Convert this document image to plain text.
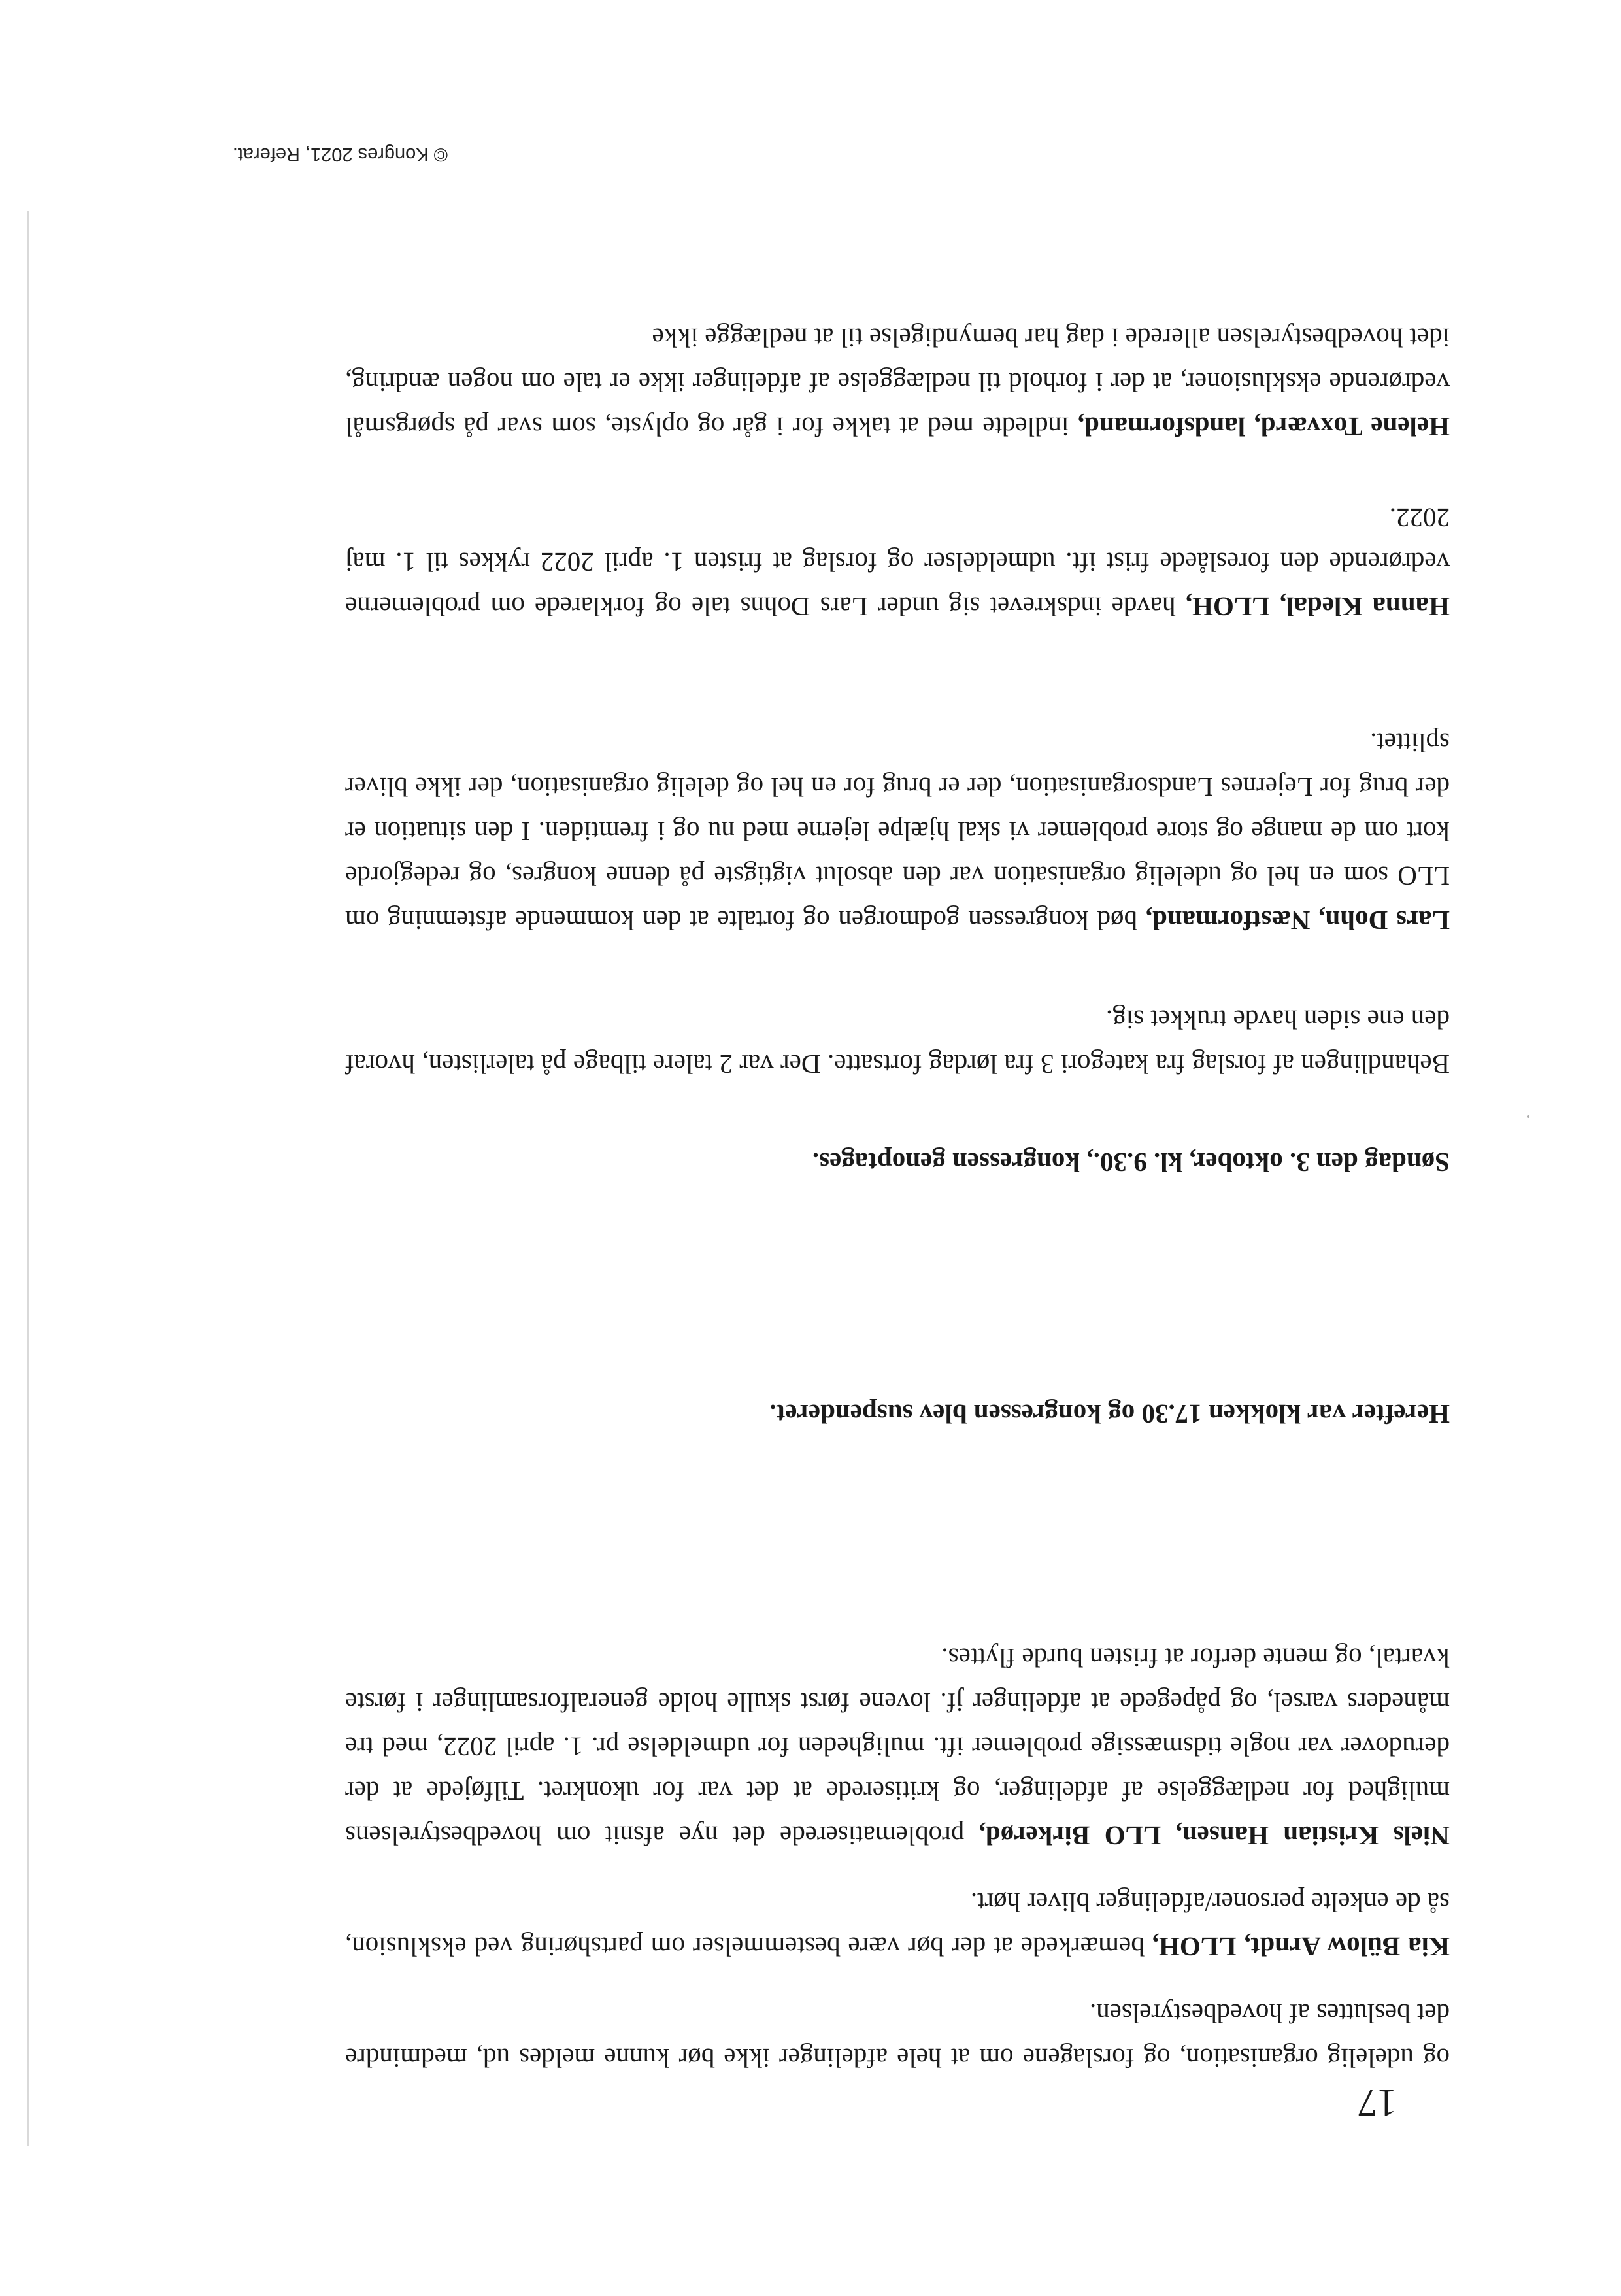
17

og udelelig organisation, og forslagene om at hele afdelinger ikke bør kunne meldes ud, medmindre det besluttes af hovedbestyrelsen.

Kia Bülow Arndt, LLOH, bemærkede at der bør være bestemmelser om partshøring ved eksklusion, så de enkelte personer/afdelinger bliver hørt.

Niels Kristian Hansen, LLO Birkerød, problematiserede det nye afsnit om hovedbestyrelsens mulighed for nedlæggelse af afdelinger, og kritiserede at det var for ukonkret. Tilføjede at der derudover var nogle tidsmæssige problemer ift. muligheden for udmeldelse pr. 1. april 2022, med tre måneders varsel, og påpegede at afdelinger jf. lovene først skulle holde generalforsamlinger i første kvartal, og mente derfor at fristen burde flyttes.

Herefter var klokken 17.30 og kongressen blev suspenderet.

Søndag den 3. oktober, kl. 9.30., kongressen genoptages.

Behandlingen af forslag fra kategori 3 fra lørdag fortsatte. Der var 2 talere tilbage på talerlisten, hvoraf den ene siden havde trukket sig.

Lars Dohn, Næstformand, bød kongressen godmorgen og fortalte at den kommende afstemning om LLO som en hel og udelelig organisation var den absolut vigtigste på denne kongres, og redegjorde kort om de mange og store problemer vi skal hjælpe lejerne med nu og i fremtiden. I den situation er der brug for Lejernes Landsorganisation, der er brug for en hel og delelig organisation, der ikke bliver splittet.

Hanna Kledal, LLOH, havde indskrevet sig under Lars Dohns tale og forklarede om problemerne vedrørende den foreslåede frist ift. udmeldelser og forslag at fristen 1. april 2022 rykkes til 1. maj 2022.

Helene Toxværd, landsformand, indledte med at takke for i går og oplyste, som svar på spørgsmål vedrørende eksklusioner, at der i forhold til nedlæggelse af afdelinger ikke er tale om nogen ændring, idet hovedbestyrelsen allerede i dag har bemyndigelse til at nedlægge ikke

©Kongres 2021, Referat.
